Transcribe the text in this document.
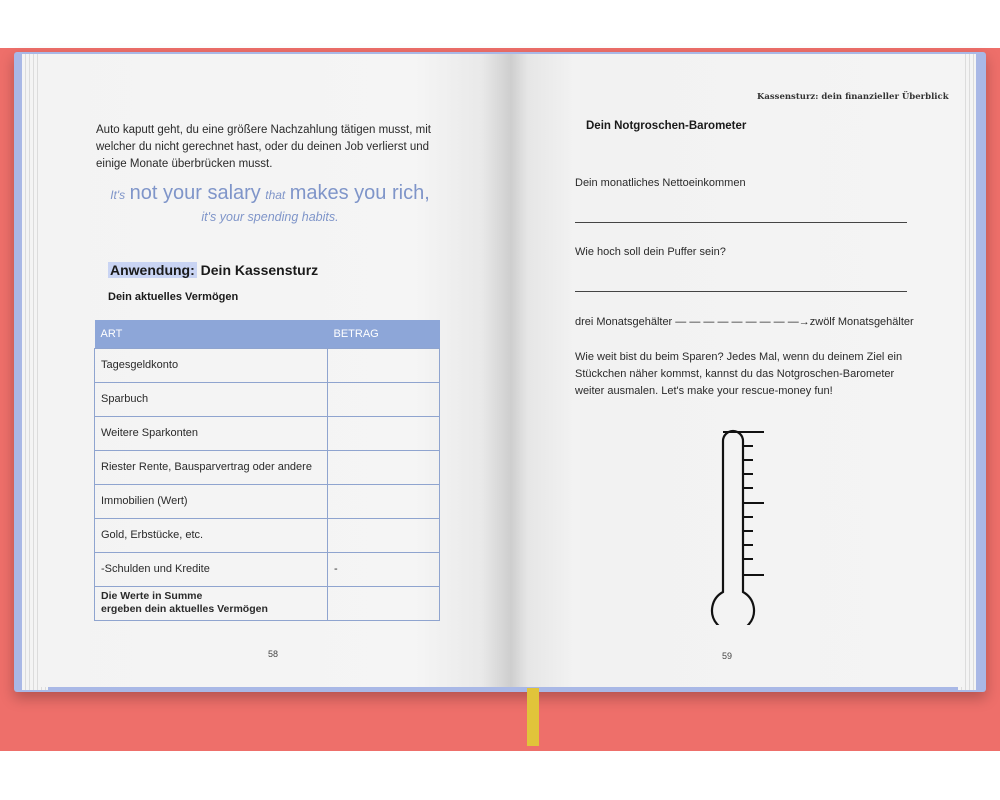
Auto kaputt geht, du eine größere Nachzahlung tätigen musst, mit welcher du nicht gerechnet hast, oder du deinen Job verlierst und einige Monate überbrücken musst.
It's not your salary that makes you rich,
it's your spending habits.
Anwendung: Dein Kassensturz
Dein aktuelles Vermögen
ART	BETRAG
Tagesgeldkonto	
Sparbuch	
Weitere Sparkonten	
Riester Rente, Bausparvertrag oder andere	
Immobilien (Wert)	
Gold, Erbstücke, etc.	
-Schulden und Kredite	-
Die Werte in Summe
ergeben dein aktuelles Vermögen	
58
Kassensturz: dein finanzieller Überblick
Dein Notgroschen-Barometer
Dein monatliches Nettoeinkommen
Wie hoch soll dein Puffer sein?
drei Monatsgehälter — — — — — — — — —→zwölf Monatsgehälter
Wie weit bist du beim Sparen? Jedes Mal, wenn du deinem Ziel ein Stückchen näher kommst, kannst du das Notgroschen-Barometer weiter ausmalen. Let's make your rescue-money fun!
59
